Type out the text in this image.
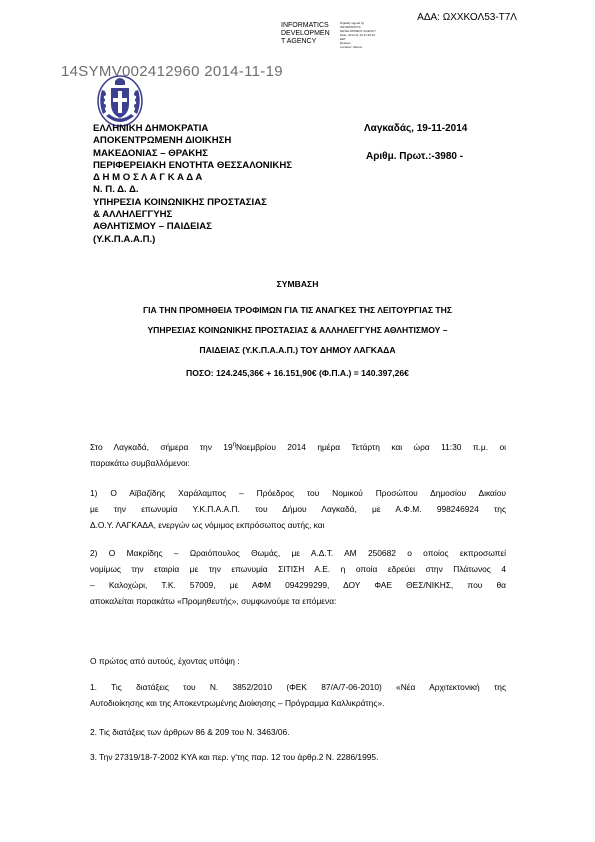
ΑΔΑ: ΩΧΧΚΟΛ53-Τ7Λ
INFORMATICS
DEVELOPMEN
T AGENCY
Digitally signed by
INFORMATICS
DEVELOPMENT AGENCY
Date: 2014.11.19 11:20:44
EET
Reason:
Location: Athens
14SYMV002412960 2014-11-19
ΕΛΛΗΝΙΚΗ ΔΗΜΟΚΡΑΤΙΑ
ΑΠΟΚΕΝΤΡΩΜΕΝΗ ΔΙΟΙΚΗΣΗ
ΜΑΚΕΔΟΝΙΑΣ – ΘΡΑΚΗΣ
ΠΕΡΙΦΕΡΕΙΑΚΗ ΕΝΟΤΗΤΑ ΘΕΣΣΑΛΟΝΙΚΗΣ
Δ Η Μ Ο Σ Λ Α Γ Κ Α Δ Α
Ν. Π. Δ. Δ.
ΥΠΗΡΕΣΙΑ ΚΟΙΝΩΝΙΚΗΣ ΠΡΟΣΤΑΣΙΑΣ
& ΑΛΛΗΛΕΓΓΥΗΣ
ΑΘΛΗΤΙΣΜΟΥ – ΠΑΙΔΕΙΑΣ
(Υ.Κ.Π.Α.Α.Π.)
Λαγκαδάς, 19-11-2014
Αριθμ. Πρωτ.:-3980 -
ΣΥΜΒΑΣΗ
ΓΙΑ ΤΗΝ ΠΡΟΜΗΘΕΙΑ ΤΡΟΦΙΜΩΝ ΓΙΑ ΤΙΣ ΑΝΑΓΚΕΣ ΤΗΣ ΛΕΙΤΟΥΡΓΙΑΣ ΤΗΣ
ΥΠΗΡΕΣΙΑΣ ΚΟΙΝΩΝΙΚΗΣ ΠΡΟΣΤΑΣΙΑΣ & ΑΛΛΗΛΕΓΓΥΗΣ ΑΘΛΗΤΙΣΜΟΥ –
ΠΑΙΔΕΙΑΣ (Υ.Κ.Π.Α.Α.Π.) ΤΟΥ ΔΗΜΟΥ ΛΑΓΚΑΔΑ
ΠΟΣΟ: 124.245,36€ + 16.151,90€ (Φ.Π.Α.) = 140.397,26€
Στο Λαγκαδά, σήμερα την $19^\eta No\varepsilon\mu\beta\rho ίo\upsilon$ 2014 ημέρα Τετάρτη και ώρα 11:30 π.μ. οι
παρακάτω συμβαλλόμενοι:
1) Ο Αϊβαζίδης Χαράλαμπος – Πρόεδρος του Νομικού Προσώπου Δημοσίου Δικαίου
με την επωνυμία Υ.Κ.Π.Α.Α.Π. του Δήμου Λαγκαδά, με Α.Φ.Μ. 998246924 της
Δ.Ο.Υ. ΛΑΓΚΑΔΑ, ενεργών ως νόμιμος εκπρόσωπος αυτής, και
2) Ο Μακρίδης – Ωραιόπουλος Θωμάς, με Α.Δ.Τ. ΑΜ 250682 ο οποίος εκπροσωπεί
νομίμως την εταιρία με την επωνυμία ΣΙΤΙΣΗ Α.Ε. η οποία εδρεύει στην Πλάτωνος 4
– Καλοχώρι, Τ.Κ. 57009, με ΑΦΜ 094299299, ΔΟΥ ΦΑΕ ΘΕΣ/ΝΙΚΗΣ, που θα
αποκαλείται παρακάτω «Προμηθευτής», συμφωνούμε τα επόμενα:
Ο πρώτος από αυτούς, έχοντας υπόψη :
1. Τις διατάξεις του Ν. 3852/2010 (ΦΕΚ 87/Α/7-06-2010) «Νέα Αρχιτεκτονική της
Αυτοδιοίκησης και της Αποκεντρωμένης Διοίκησης – Πρόγραμμα Καλλικράτης».
2. Τις διατάξεις των άρθρων 86 & 209 του Ν. 3463/06.
3. Την 27319/18-7-2002 ΚΥΑ και περ. γ'της παρ. 12 του άρθρ.2 Ν. 2286/1995.
